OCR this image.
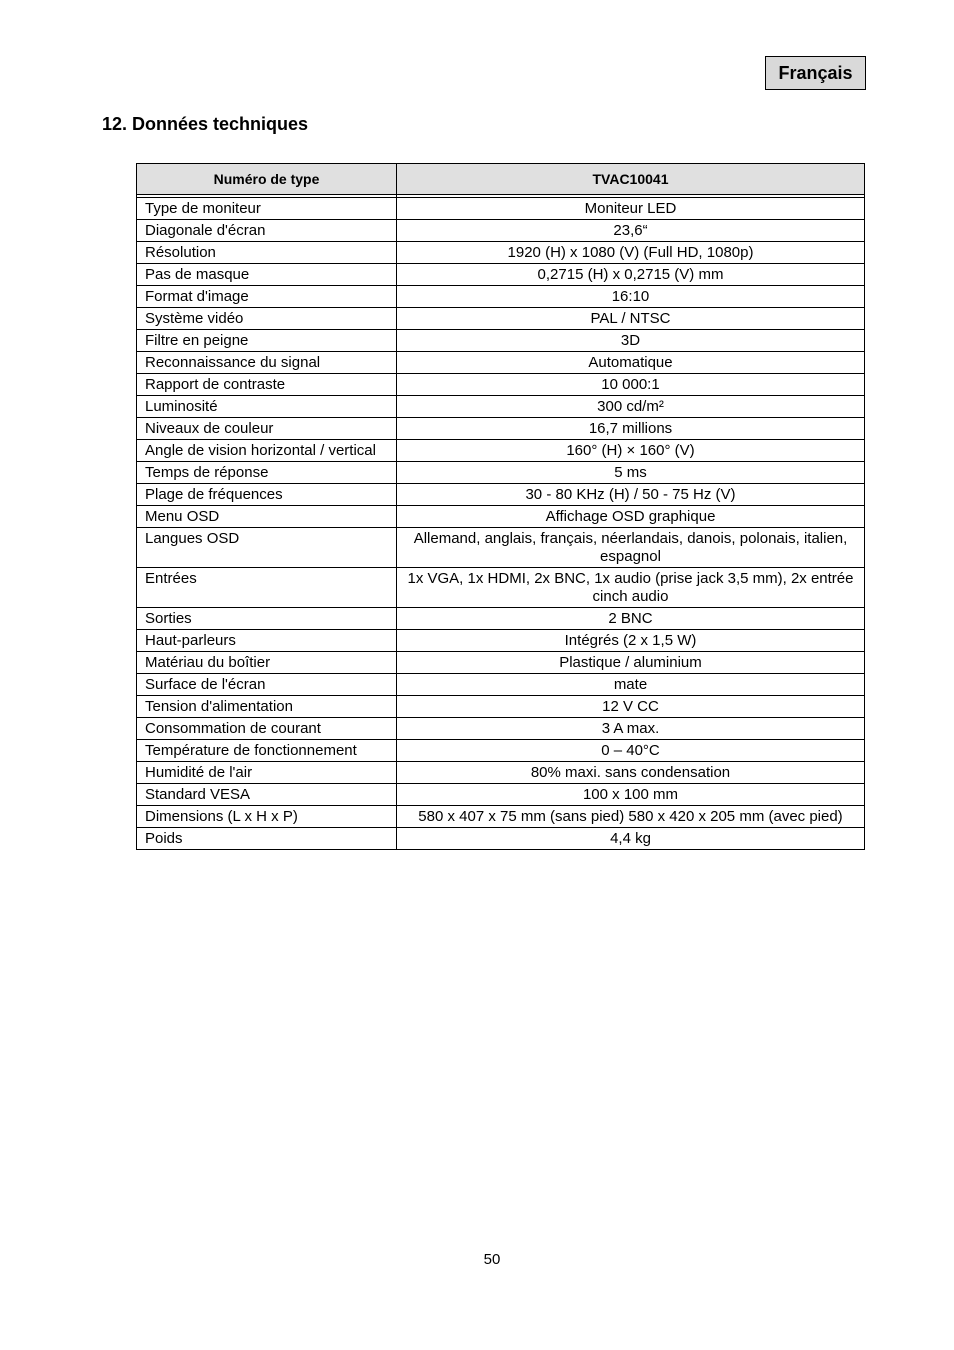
Français
12. Données techniques
Numéro de type	TVAC10041

Type de moniteur	Moniteur LED
Diagonale d'écran	23,6“
Résolution	1920 (H) x 1080 (V) (Full HD, 1080p)
Pas de masque	0,2715 (H) x 0,2715 (V) mm
Format d'image	16:10
Système vidéo	PAL / NTSC
Filtre en peigne	3D
Reconnaissance du signal	Automatique
Rapport de contraste	10 000:1
Luminosité	300 cd/m²
Niveaux de couleur	16,7 millions
Angle de vision horizontal / vertical	160° (H) × 160° (V)
Temps de réponse	5 ms
Plage de fréquences	30 - 80 KHz (H) / 50 - 75 Hz (V)
Menu OSD	Affichage OSD graphique
Langues OSD	Allemand, anglais, français, néerlandais, danois, polonais, italien, espagnol
Entrées	1x VGA, 1x HDMI, 2x BNC, 1x audio (prise jack 3,5 mm), 2x entrée cinch audio
Sorties	2 BNC
Haut-parleurs	Intégrés (2 x 1,5 W)
Matériau du boîtier	Plastique / aluminium
Surface de l'écran	mate
Tension d'alimentation	12 V CC
Consommation de courant	3 A max.
Température de fonctionnement	0 – 40°C
Humidité de l'air	80% maxi. sans condensation
Standard VESA	100 x 100 mm
Dimensions (L x H x P)	580 x 407 x 75 mm (sans pied) 580 x 420 x 205 mm (avec pied)
Poids	4,4 kg
50
